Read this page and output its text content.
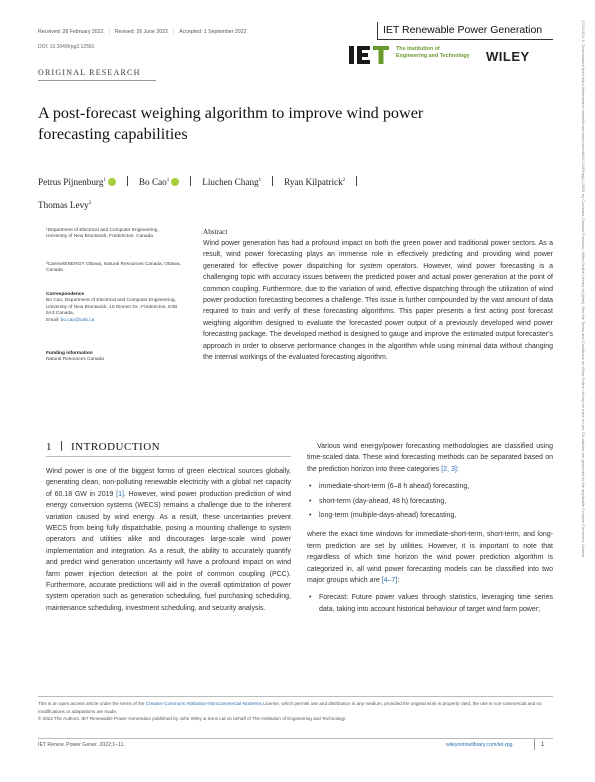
Received: 28 February 2022 | Revised: 26 June 2022 | Accepted: 1 September 2022
DOI: 10.1049/rpg2.12591
IET Renewable Power Generation
The Institution of
Engineering and Technology WILEY	17521424, 0, Downloaded from https://ietresearch.onlinelibrary.wiley.com/doi/10.1049/rpg2.12591 by Cochrane Canada Provision, Wiley Online Library on [date]. See the Terms and Conditions on Wiley Online Library for rules of use; OA articles are governed by the applicable Creative Commons License
ORIGINAL RESEARCH
A post-forecast weighing algorithm to improve wind power forecasting capabilities
Petrus Pijnenburg$^1$	Bo Cao$^1$	Liuchen Chang$^1$	Ryan Kilpatrick$^2$
Thomas Levy$^2$
¹Department of Electrical and Computer Engineering, University of New Brunswick, Fredericton, Canada
²CanmetENERGY Ottawa, Natural Resources Canada, Ottawa, Canada
Correspondence
Bo Cao, Department of Electrical and Computer Engineering, University of New Brunswick, 15 Dineen Dr., Fredericton, E3B 5A3 Canada.
Email: bo.cao@unb.ca
Funding information
Natural Resources Canada
Abstract

Wind power generation has had a profound impact on both the green power and traditional power sectors. As a result, wind power forecasting plays an immense role in effectively predicting and providing wind power generated for effective power dispatching for system operators. However, wind power forecasting is a challenging topic with accuracy issues between the predicted power and actual power generation at the point of common coupling. Furthermore, due to the variation of wind, effective dispatching through the utilization of wind power production forecasting becomes a challenge. This issue is further compounded by the vast amount of data required to train and verify of these forecasting algorithms. This paper presents a first acting post forecast weighing algorithm designed to evaluate the forecasted power output of a previously developed wind power forecasting package. The developed method is designed to gauge and improve the estimated output forecaster's approach in order to observe performance changes in the algorithm while using minimal data without changing the internal workings of the evaluated forecasting algorithm.

1 INTRODUCTION

Wind power is one of the biggest forms of green electrical sources globally, generating clean, non-polluting renewable electricity with a global net capacity of 60.18 GW in 2019 [1]. However, wind power production prediction of wind energy conversion systems (WECS) remains a challenge due to the inherent variation caused by wind energy. As a result, these uncertainties prevent WECS from being fully dispatchable, posing a mounting challenge to system operators and utilities alike and discourages large-scale wind power implementation and integration. As a result, the ability to accurately quantify and predict wind generation uncertainty will have a profound impact on wind farm power injection detection at the point of common coupling (PCC). Furthermore, accurate predictions will aid in the overall optimization of power system operation such as generation scheduling, fuel purchasing scheduling, maintenance scheduling, investment scheduling, and security analysis.

Various wind energy/power forecasting methodologies are classified using time-scaled data. These wind forecasting methods can be separated based on the prediction horizon into three categories [2, 3]:

• immediate-short-term (6–8 h ahead) forecasting,
• short-term (day-ahead, 48 h) forecasting,
• long-term (multiple-days-ahead) forecasting,

where the exact time windows for immediate-short-term, short-term, and long-term prediction are set by utilities. However, it is important to note that regardless of which time horizon the wind power prediction algorithm is categorized in, all wind power forecasting models can be classified into two major groups which are [4–7]:

• Forecast: Future power values through statistics, leveraging time series data, taking into account historical behaviour of target wind farm power;
This is an open access article under the terms of the Creative Commons Attribution-NonCommercial-NoDerivs License, which permits use and distribution in any medium, provided the original work is properly cited, the use is non-commercial and no modifications or adaptations are made.
© 2022 The Authors. IET Renewable Power Generation published by John Wiley & Sons Ltd on behalf of The Institution of Engineering and Technology.
IET Renew. Power Gener. 2022;1–11.	wileyonlinelibrary.com/iet-rpg	1
